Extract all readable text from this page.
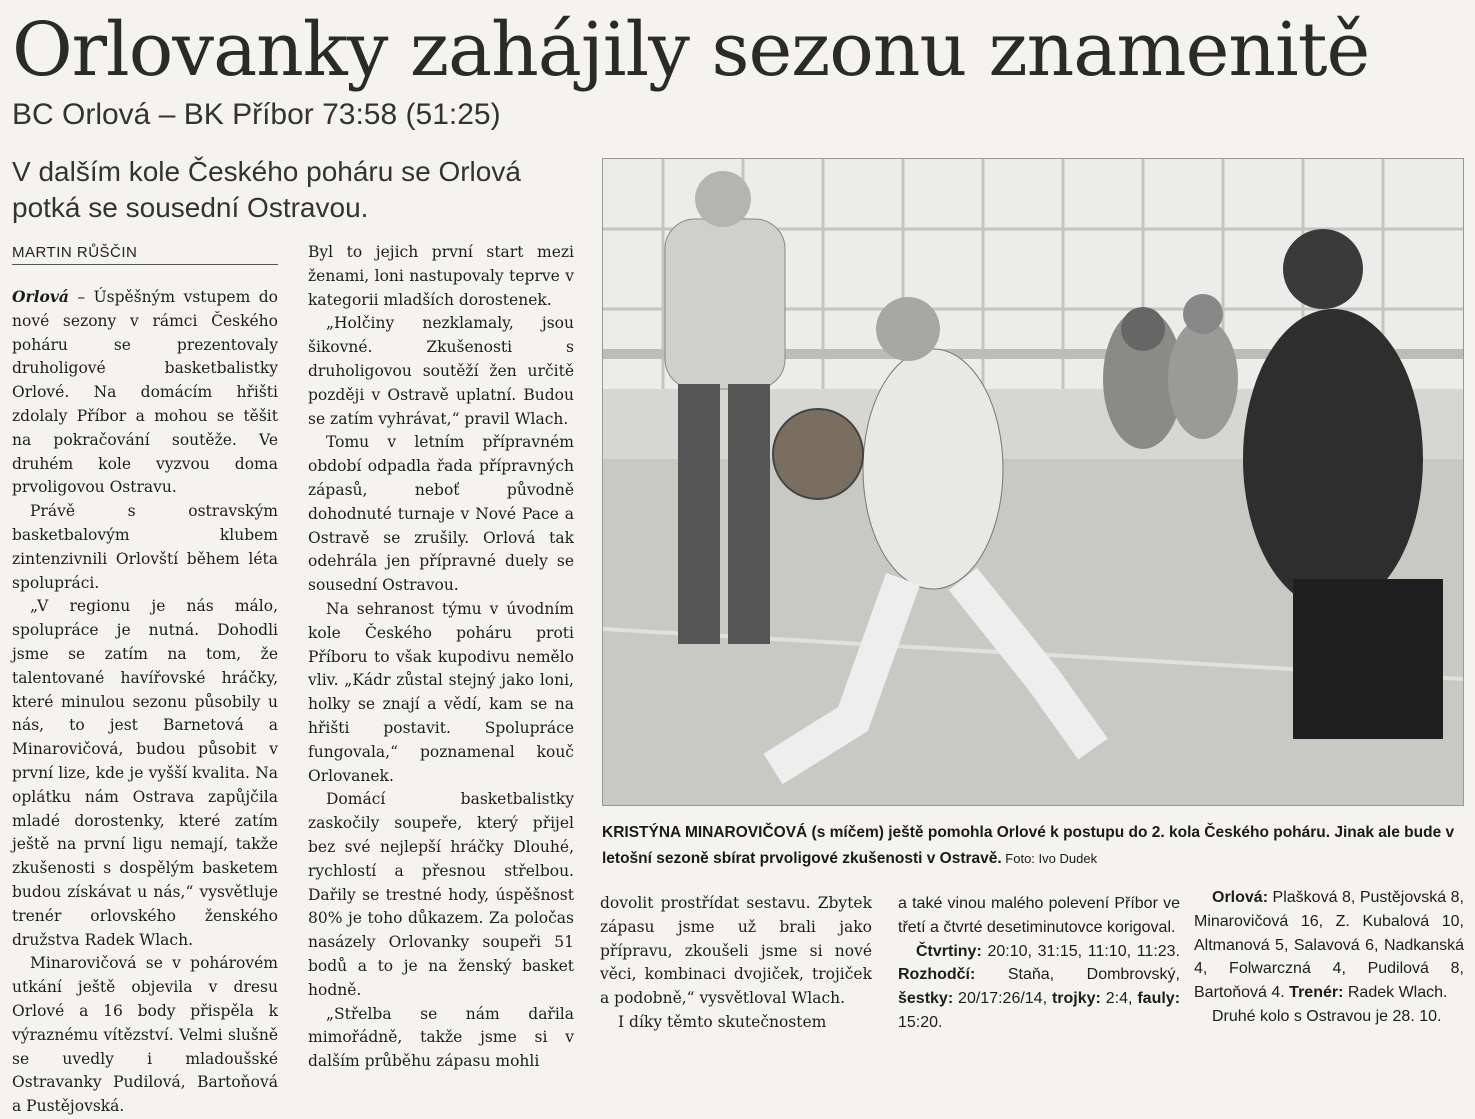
Orlovanky zahájily sezonu znamenitě
BC Orlová – BK Příbor 73:58 (51:25)
V dalším kole Českého poháru se Orlová potká se sousední Ostravou.
MARTIN RŮŠČIN

Orlová – Úspěšným vstupem do nové sezony v rámci Českého poháru se prezentovaly druholigové basketbalistky Orlové. Na domácím hřišti zdolaly Příbor a mohou se těšit na pokračování soutěže. Ve druhém kole vyzvou doma prvoligovou Ostravu.

Právě s ostravským basketbalovým klubem zintenzivnili Orlovští během léta spolupráci.

„V regionu je nás málo, spolupráce je nutná. Dohodli jsme se zatím na tom, že talentované havířovské hráčky, které minulou sezonu působily u nás, to jest Barnetová a Minarovičová, budou působit v první lize, kde je vyšší kvalita. Na oplátku nám Ostrava zapůjčila mladé dorostenky, které zatím ještě na první ligu nemají, takže zkušenosti s dospělým basketem budou získávat u nás,“ vysvětluje trenér orlovského ženského družstva Radek Wlach.

Minarovičová se v pohárovém utkání ještě objevila v dresu Orlové a 16 body přispěla k výraznému vítězství. Velmi slušně se uvedly i mladoušské Ostravanky Pudilová, Bartoňová a Pustějovská.

Byl to jejich první start mezi ženami, loni nastupovaly teprve v kategorii mladších dorostenek.

„Holčiny nezklamaly, jsou šikovné. Zkušenosti s druholigovou soutěží žen určitě později v Ostravě uplatní. Budou se zatím vyhrávat,“ pravil Wlach.

Tomu v letním přípravném období odpadla řada přípravných zápasů, neboť původně dohodnuté turnaje v Nové Pace a Ostravě se zrušily. Orlová tak odehrála jen přípravné duely se sousední Ostravou.

Na sehranost týmu v úvodním kole Českého poháru proti Příboru to však kupodivu nemělo vliv. „Kádr zůstal stejný jako loni, holky se znají a vědí, kam se na hřišti postavit. Spolupráce fungovala,“ poznamenal kouč Orlovanek.

Domácí basketbalistky zaskočily soupeře, který přijel bez své nejlepší hráčky Dlouhé, rychlostí a přesnou střelbou. Dařily se trestné hody, úspěšnost 80% je toho důkazem. Za poločas nasázely Orlovanky soupeři 51 bodů a to je na ženský basket hodně.

„Střelba se nám dařila mimořádně, takže jsme si v dalším průběhu zápasu mohli

KRISTÝNA MINAROVIČOVÁ (s míčem) ještě pomohla Orlové k postupu do 2. kola Českého poháru. Jinak ale bude v letošní sezoně sbírat prvoligové zkušenosti v Ostravě. Foto: Ivo Dudek

dovolit prostřídat sestavu. Zbytek zápasu jsme už brali jako přípravu, zkoušeli jsme si nové věci, kombinaci dvojiček, trojiček a podobně,“ vysvětloval Wlach.

I díky těmto skutečnostem

a také vinou malého polevení Příbor ve třetí a čtvrté desetiminutovce korigoval.

Čtvrtiny: 20:10, 31:15, 11:10, 11:23. Rozhodčí: Staňa, Dombrovský, šestky: 20/17:26/14, trojky: 2:4, fauly: 15:20.

Orlová: Plašková 8, Pustějovská 8, Minarovičová 16, Z. Kubalová 10, Altmanová 5, Salavová 6, Nadkanská 4, Folwarczná 4, Pudilová 8, Bartoňová 4. Trenér: Radek Wlach.

Druhé kolo s Ostravou je 28. 10.
